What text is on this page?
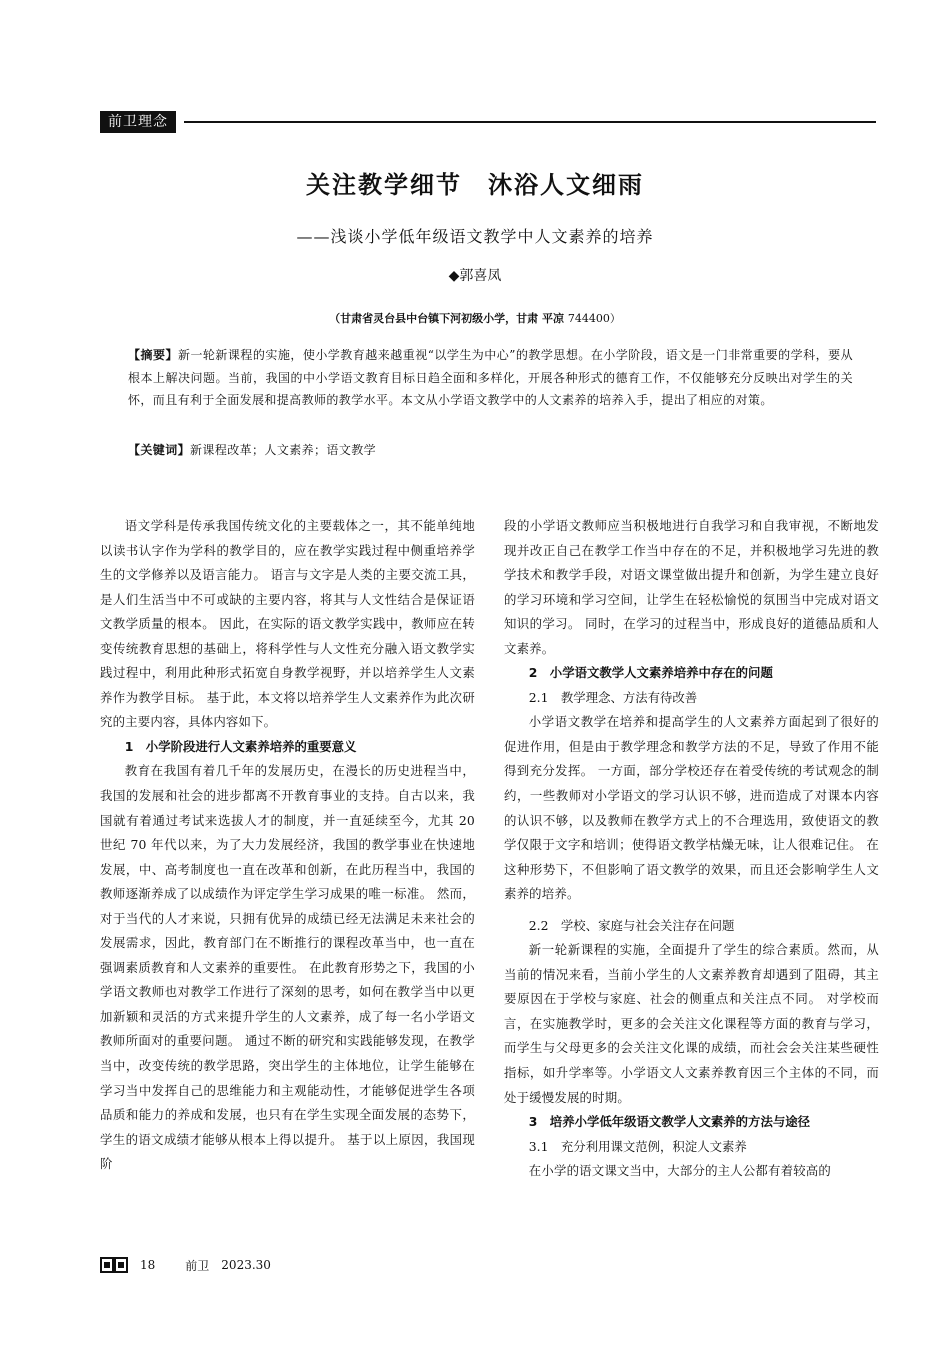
前卫理念
关注教学细节　沐浴人文细雨
——浅谈小学低年级语文教学中人文素养的培养
◆郭喜凤
（甘肃省灵台县中台镇下河初级小学，甘肃 平凉 744400）
【摘要】新一轮新课程的实施，使小学教育越来越重视“以学生为中心”的教学思想。在小学阶段，语文是一门非常重要的学科，要从根本上解决问题。当前，我国的中小学语文教育目标日趋全面和多样化，开展各种形式的德育工作，不仅能够充分反映出对学生的关怀，而且有利于全面发展和提高教师的教学水平。本文从小学语文教学中的人文素养的培养入手，提出了相应的对策。
【关键词】新课程改革；人文素养；语文教学

语文学科是传承我国传统文化的主要载体之一，其不能单纯地以读书认字作为学科的教学目的，应在教学实践过程中侧重培养学生的文学修养以及语言能力。 语言与文字是人类的主要交流工具，是人们生活当中不可或缺的主要内容，将其与人文性结合是保证语文教学质量的根本。 因此，在实际的语文教学实践中，教师应在转变传统教育思想的基础上，将科学性与人文性充分融入语文教学实践过程中，利用此种形式拓宽自身教学视野，并以培养学生人文素养作为教学目标。 基于此，本文将以培养学生人文素养作为此次研究的主要内容，具体内容如下。

1　小学阶段进行人文素养培养的重要意义

教育在我国有着几千年的发展历史，在漫长的历史进程当中，我国的发展和社会的进步都离不开教育事业的支持。自古以来，我国就有着通过考试来选拔人才的制度，并一直延续至今，尤其 20 世纪 70 年代以来，为了大力发展经济，我国的教学事业在快速地发展，中、高考制度也一直在改革和创新，在此历程当中，我国的教师逐渐养成了以成绩作为评定学生学习成果的唯一标准。 然而，对于当代的人才来说，只拥有优异的成绩已经无法满足未来社会的发展需求，因此，教育部门在不断推行的课程改革当中，也一直在强调素质教育和人文素养的重要性。 在此教育形势之下，我国的小学语文教师也对教学工作进行了深刻的思考，如何在教学当中以更加新颖和灵活的方式来提升学生的人文素养，成了每一名小学语文教师所面对的重要问题。 通过不断的研究和实践能够发现，在教学当中，改变传统的教学思路，突出学生的主体地位，让学生能够在学习当中发挥自己的思维能力和主观能动性，才能够促进学生各项品质和能力的养成和发展，也只有在学生实现全面发展的态势下，学生的语文成绩才能够从根本上得以提升。 基于以上原因，我国现阶

段的小学语文教师应当积极地进行自我学习和自我审视，不断地发现并改正自己在教学工作当中存在的不足，并积极地学习先进的教学技术和教学手段，对语文课堂做出提升和创新，为学生建立良好的学习环境和学习空间，让学生在轻松愉悦的氛围当中完成对语文知识的学习。 同时，在学习的过程当中，形成良好的道德品质和人文素养。

2　小学语文教学人文素养培养中存在的问题
2.1　教学理念、方法有待改善

小学语文教学在培养和提高学生的人文素养方面起到了很好的促进作用，但是由于教学理念和教学方法的不足，导致了作用不能得到充分发挥。 一方面，部分学校还存在着受传统的考试观念的制约，一些教师对小学语文的学习认识不够，进而造成了对课本内容的认识不够，以及教师在教学方式上的不合理选用，致使语文的教学仅限于文字和培训；使得语文教学枯燥无味，让人很难记住。 在这种形势下，不但影响了语文教学的效果，而且还会影响学生人文素养的培养。

2.2　学校、家庭与社会关注存在问题

新一轮新课程的实施，全面提升了学生的综合素质。然而，从当前的情况来看，当前小学生的人文素养教育却遇到了阻碍，其主要原因在于学校与家庭、社会的侧重点和关注点不同。 对学校而言，在实施教学时，更多的会关注文化课程等方面的教育与学习，而学生与父母更多的会关注文化课的成绩，而社会会关注某些硬性指标，如升学率等。小学语文人文素养教育因三个主体的不同，而处于缓慢发展的时期。

3　培养小学低年级语文教学人文素养的方法与途径
3.1　充分利用课文范例，积淀人文素养

在小学的语文课文当中，大部分的主人公都有着较高的

18	前卫 2023.30
